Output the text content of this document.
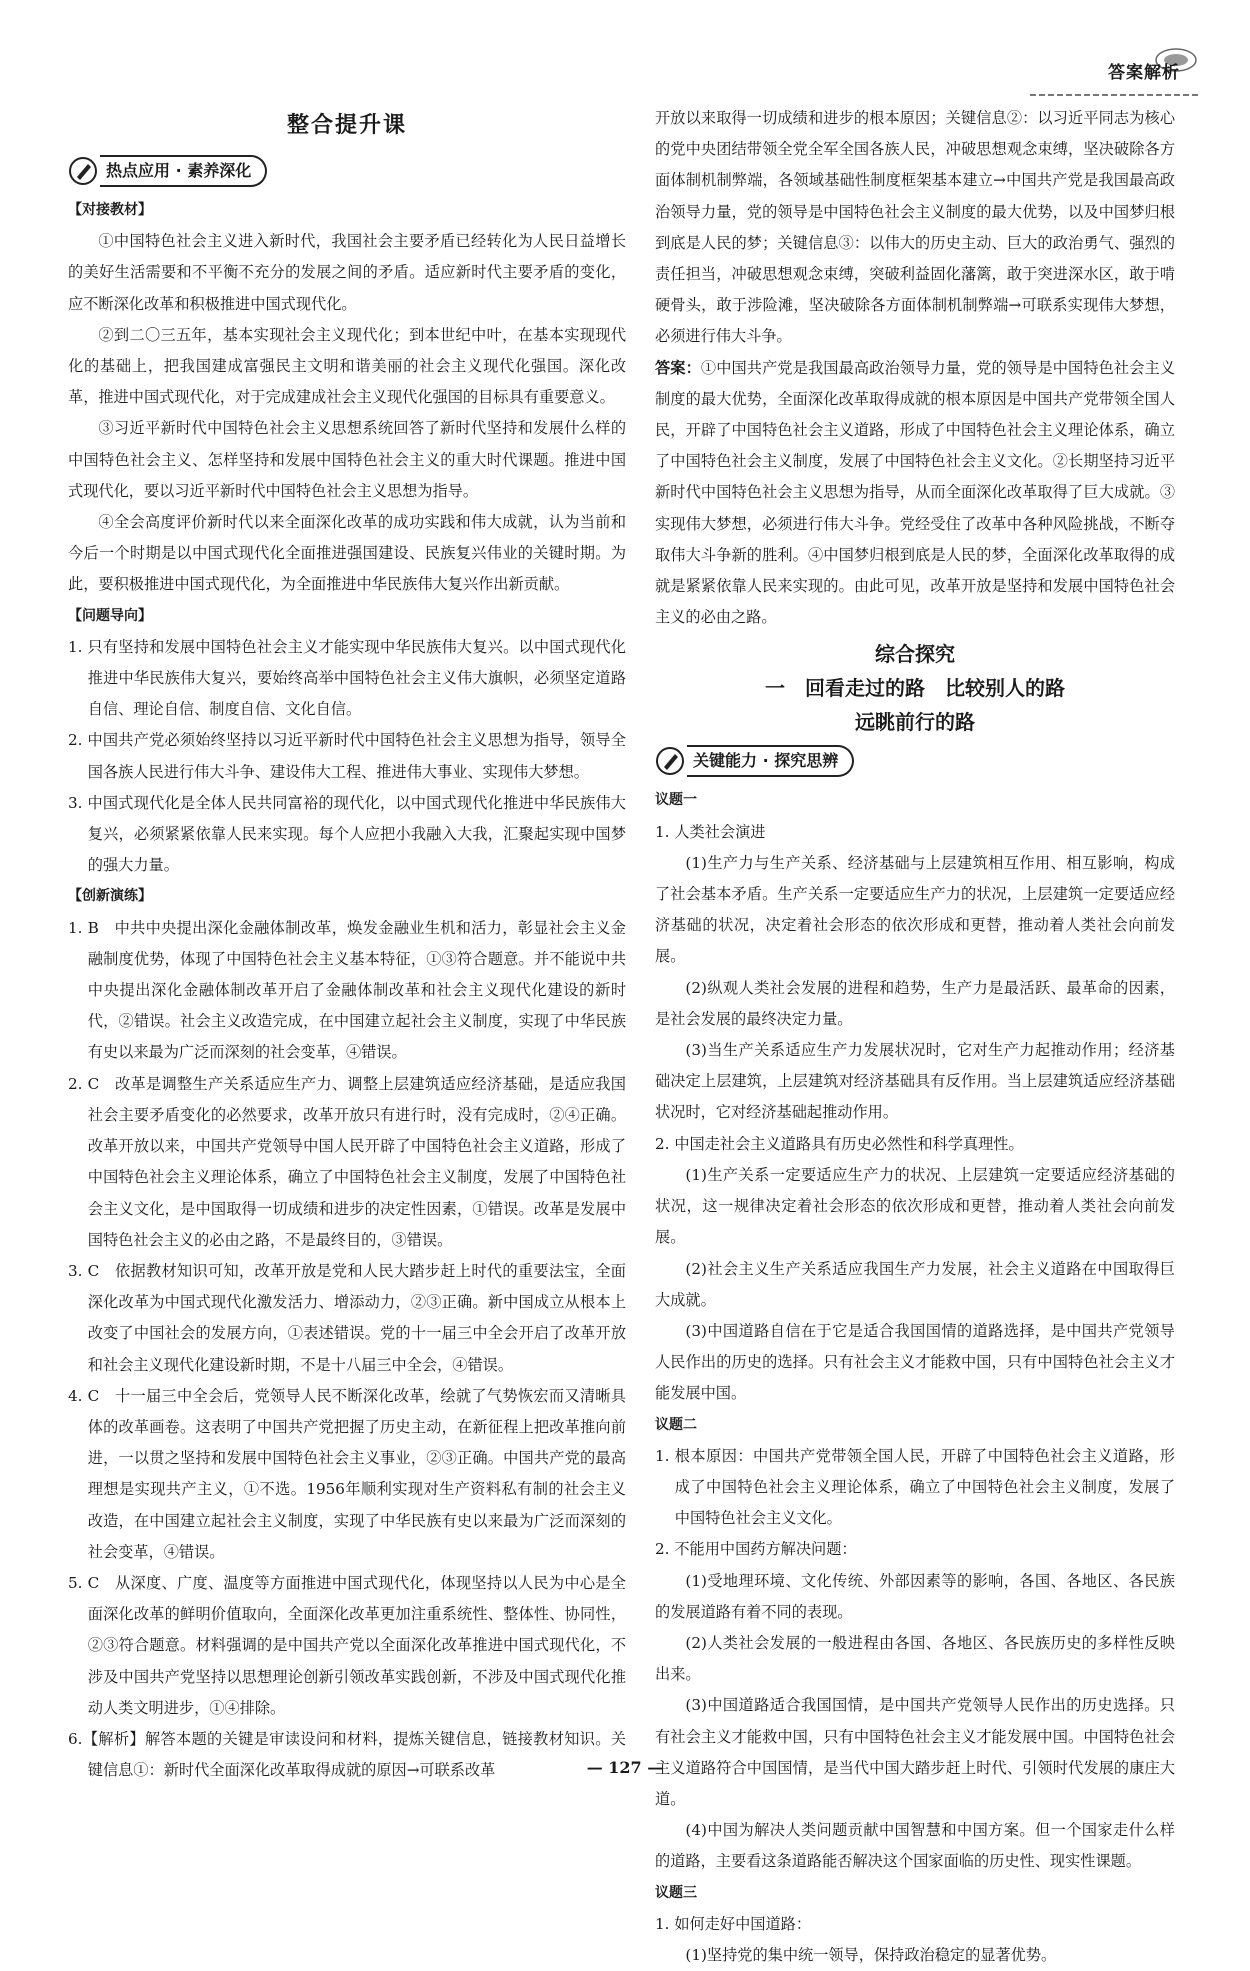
答案解析

整合提升课

热点应用 · 素养深化

【对接教材】

①中国特色社会主义进入新时代，我国社会主要矛盾已经转化为人民日益增长的美好生活需要和不平衡不充分的发展之间的矛盾。适应新时代主要矛盾的变化，应不断深化改革和积极推进中国式现代化。

②到二〇三五年，基本实现社会主义现代化；到本世纪中叶，在基本实现现代化的基础上，把我国建成富强民主文明和谐美丽的社会主义现代化强国。深化改革，推进中国式现代化，对于完成建成社会主义现代化强国的目标具有重要意义。

③习近平新时代中国特色社会主义思想系统回答了新时代坚持和发展什么样的中国特色社会主义、怎样坚持和发展中国特色社会主义的重大时代课题。推进中国式现代化，要以习近平新时代中国特色社会主义思想为指导。

④全会高度评价新时代以来全面深化改革的成功实践和伟大成就，认为当前和今后一个时期是以中国式现代化全面推进强国建设、民族复兴伟业的关键时期。为此，要积极推进中国式现代化，为全面推进中华民族伟大复兴作出新贡献。

【问题导向】

1. 只有坚持和发展中国特色社会主义才能实现中华民族伟大复兴。以中国式现代化推进中华民族伟大复兴，要始终高举中国特色社会主义伟大旗帜，必须坚定道路自信、理论自信、制度自信、文化自信。

2. 中国共产党必须始终坚持以习近平新时代中国特色社会主义思想为指导，领导全国各族人民进行伟大斗争、建设伟大工程、推进伟大事业、实现伟大梦想。

3. 中国式现代化是全体人民共同富裕的现代化，以中国式现代化推进中华民族伟大复兴，必须紧紧依靠人民来实现。每个人应把小我融入大我，汇聚起实现中国梦的强大力量。

【创新演练】

1. B　中共中央提出深化金融体制改革，焕发金融业生机和活力，彰显社会主义金融制度优势，体现了中国特色社会主义基本特征，①③符合题意。并不能说中共中央提出深化金融体制改革开启了金融体制改革和社会主义现代化建设的新时代，②错误。社会主义改造完成，在中国建立起社会主义制度，实现了中华民族有史以来最为广泛而深刻的社会变革，④错误。

2. C　改革是调整生产关系适应生产力、调整上层建筑适应经济基础，是适应我国社会主要矛盾变化的必然要求，改革开放只有进行时，没有完成时，②④正确。改革开放以来，中国共产党领导中国人民开辟了中国特色社会主义道路，形成了中国特色社会主义理论体系，确立了中国特色社会主义制度，发展了中国特色社会主义文化，是中国取得一切成绩和进步的决定性因素，①错误。改革是发展中国特色社会主义的必由之路，不是最终目的，③错误。

3. C　依据教材知识可知，改革开放是党和人民大踏步赶上时代的重要法宝，全面深化改革为中国式现代化激发活力、增添动力，②③正确。新中国成立从根本上改变了中国社会的发展方向，①表述错误。党的十一届三中全会开启了改革开放和社会主义现代化建设新时期，不是十八届三中全会，④错误。

4. C　十一届三中全会后，党领导人民不断深化改革，绘就了气势恢宏而又清晰具体的改革画卷。这表明了中国共产党把握了历史主动，在新征程上把改革推向前进，一以贯之坚持和发展中国特色社会主义事业，②③正确。中国共产党的最高理想是实现共产主义，①不选。1956年顺利实现对生产资料私有制的社会主义改造，在中国建立起社会主义制度，实现了中华民族有史以来最为广泛而深刻的社会变革，④错误。

5. C　从深度、广度、温度等方面推进中国式现代化，体现坚持以人民为中心是全面深化改革的鲜明价值取向，全面深化改革更加注重系统性、整体性、协同性，②③符合题意。材料强调的是中国共产党以全面深化改革推进中国式现代化，不涉及中国共产党坚持以思想理论创新引领改革实践创新，不涉及中国式现代化推动人类文明进步，①④排除。

6.【解析】解答本题的关键是审读设问和材料，提炼关键信息，链接教材知识。关键信息①：新时代全面深化改革取得成就的原因→可联系改革

开放以来取得一切成绩和进步的根本原因；关键信息②：以习近平同志为核心的党中央团结带领全党全军全国各族人民，冲破思想观念束缚，坚决破除各方面体制机制弊端，各领域基础性制度框架基本建立→中国共产党是我国最高政治领导力量，党的领导是中国特色社会主义制度的最大优势，以及中国梦归根到底是人民的梦；关键信息③：以伟大的历史主动、巨大的政治勇气、强烈的责任担当，冲破思想观念束缚，突破利益固化藩篱，敢于突进深水区，敢于啃硬骨头，敢于涉险滩，坚决破除各方面体制机制弊端→可联系实现伟大梦想，必须进行伟大斗争。

答案：①中国共产党是我国最高政治领导力量，党的领导是中国特色社会主义制度的最大优势，全面深化改革取得成就的根本原因是中国共产党带领全国人民，开辟了中国特色社会主义道路，形成了中国特色社会主义理论体系，确立了中国特色社会主义制度，发展了中国特色社会主义文化。②长期坚持习近平新时代中国特色社会主义思想为指导，从而全面深化改革取得了巨大成就。③实现伟大梦想，必须进行伟大斗争。党经受住了改革中各种风险挑战，不断夺取伟大斗争新的胜利。④中国梦归根到底是人民的梦，全面深化改革取得的成就是紧紧依靠人民来实现的。由此可见，改革开放是坚持和发展中国特色社会主义的必由之路。

综合探究

一　回看走过的路　比较别人的路

远眺前行的路

关键能力 · 探究思辨

议题一

1. 人类社会演进

(1)生产力与生产关系、经济基础与上层建筑相互作用、相互影响，构成了社会基本矛盾。生产关系一定要适应生产力的状况，上层建筑一定要适应经济基础的状况，决定着社会形态的依次形成和更替，推动着人类社会向前发展。

(2)纵观人类社会发展的进程和趋势，生产力是最活跃、最革命的因素，是社会发展的最终决定力量。

(3)当生产关系适应生产力发展状况时，它对生产力起推动作用；经济基础决定上层建筑，上层建筑对经济基础具有反作用。当上层建筑适应经济基础状况时，它对经济基础起推动作用。

2. 中国走社会主义道路具有历史必然性和科学真理性。

(1)生产关系一定要适应生产力的状况、上层建筑一定要适应经济基础的状况，这一规律决定着社会形态的依次形成和更替，推动着人类社会向前发展。

(2)社会主义生产关系适应我国生产力发展，社会主义道路在中国取得巨大成就。

(3)中国道路自信在于它是适合我国国情的道路选择，是中国共产党领导人民作出的历史的选择。只有社会主义才能救中国，只有中国特色社会主义才能发展中国。

议题二

1. 根本原因：中国共产党带领全国人民，开辟了中国特色社会主义道路，形成了中国特色社会主义理论体系，确立了中国特色社会主义制度，发展了中国特色社会主义文化。

2. 不能用中国药方解决问题：

(1)受地理环境、文化传统、外部因素等的影响，各国、各地区、各民族的发展道路有着不同的表现。

(2)人类社会发展的一般进程由各国、各地区、各民族历史的多样性反映出来。

(3)中国道路适合我国国情，是中国共产党领导人民作出的历史选择。只有社会主义才能救中国，只有中国特色社会主义才能发展中国。中国特色社会主义道路符合中国国情，是当代中国大踏步赶上时代、引领时代发展的康庄大道。

(4)中国为解决人类问题贡献中国智慧和中国方案。但一个国家走什么样的道路，主要看这条道路能否解决这个国家面临的历史性、现实性课题。

议题三

1. 如何走好中国道路：

(1)坚持党的集中统一领导，保持政治稳定的显著优势。

— 127 —
